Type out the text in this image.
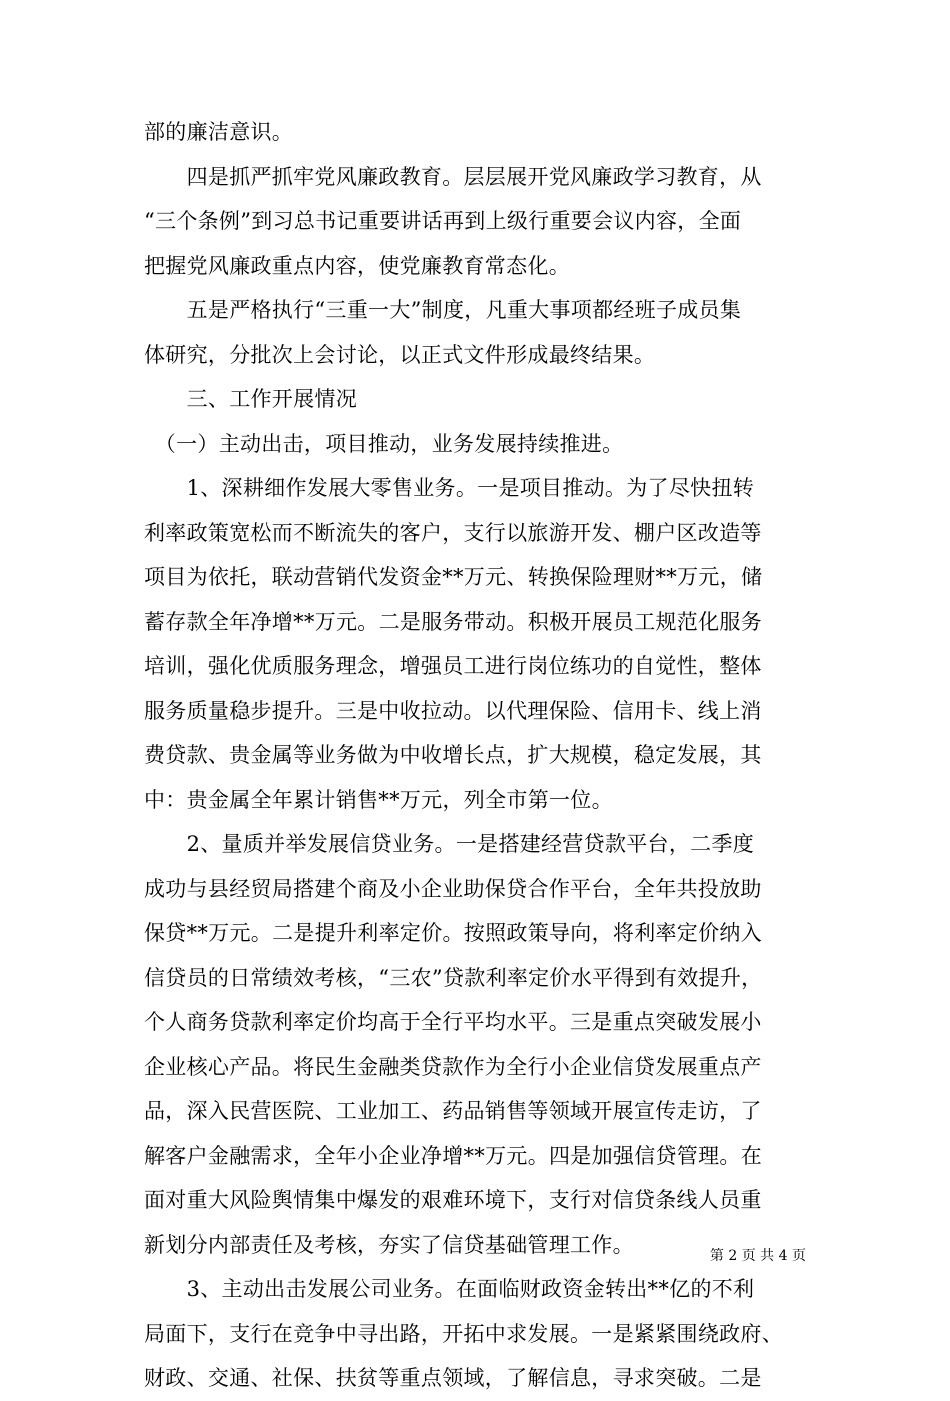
部的廉洁意识。
　　四是抓严抓牢党风廉政教育。层层展开党风廉政学习教育，从
“三个条例”到习总书记重要讲话再到上级行重要会议内容，全面
把握党风廉政重点内容，使党廉教育常态化。
　　五是严格执行“三重一大”制度，凡重大事项都经班子成员集
体研究，分批次上会讨论，以正式文件形成最终结果。
　　三、工作开展情况
　（一）主动出击，项目推动，业务发展持续推进。
　　1、深耕细作发展大零售业务。一是项目推动。为了尽快扭转
利率政策宽松而不断流失的客户，支行以旅游开发、棚户区改造等
项目为依托，联动营销代发资金**万元、转换保险理财**万元，储
蓄存款全年净增**万元。二是服务带动。积极开展员工规范化服务
培训，强化优质服务理念，增强员工进行岗位练功的自觉性，整体
服务质量稳步提升。三是中收拉动。以代理保险、信用卡、线上消
费贷款、贵金属等业务做为中收增长点，扩大规模，稳定发展，其
中：贵金属全年累计销售**万元，列全市第一位。
　　2、量质并举发展信贷业务。一是搭建经营贷款平台，二季度
成功与县经贸局搭建个商及小企业助保贷合作平台，全年共投放助
保贷**万元。二是提升利率定价。按照政策导向，将利率定价纳入
信贷员的日常绩效考核，“三农”贷款利率定价水平得到有效提升，
个人商务贷款利率定价均高于全行平均水平。三是重点突破发展小
企业核心产品。将民生金融类贷款作为全行小企业信贷发展重点产
品，深入民营医院、工业加工、药品销售等领域开展宣传走访，了
解客户金融需求，全年小企业净增**万元。四是加强信贷管理。在
面对重大风险舆情集中爆发的艰难环境下，支行对信贷条线人员重
新划分内部责任及考核，夯实了信贷基础管理工作。
　　3、主动出击发展公司业务。在面临财政资金转出**亿的不利
局面下，支行在竞争中寻出路，开拓中求发展。一是紧紧围绕政府、
财政、交通、社保、扶贫等重点领域，了解信息，寻求突破。二是
第 2 页 共 4 页
